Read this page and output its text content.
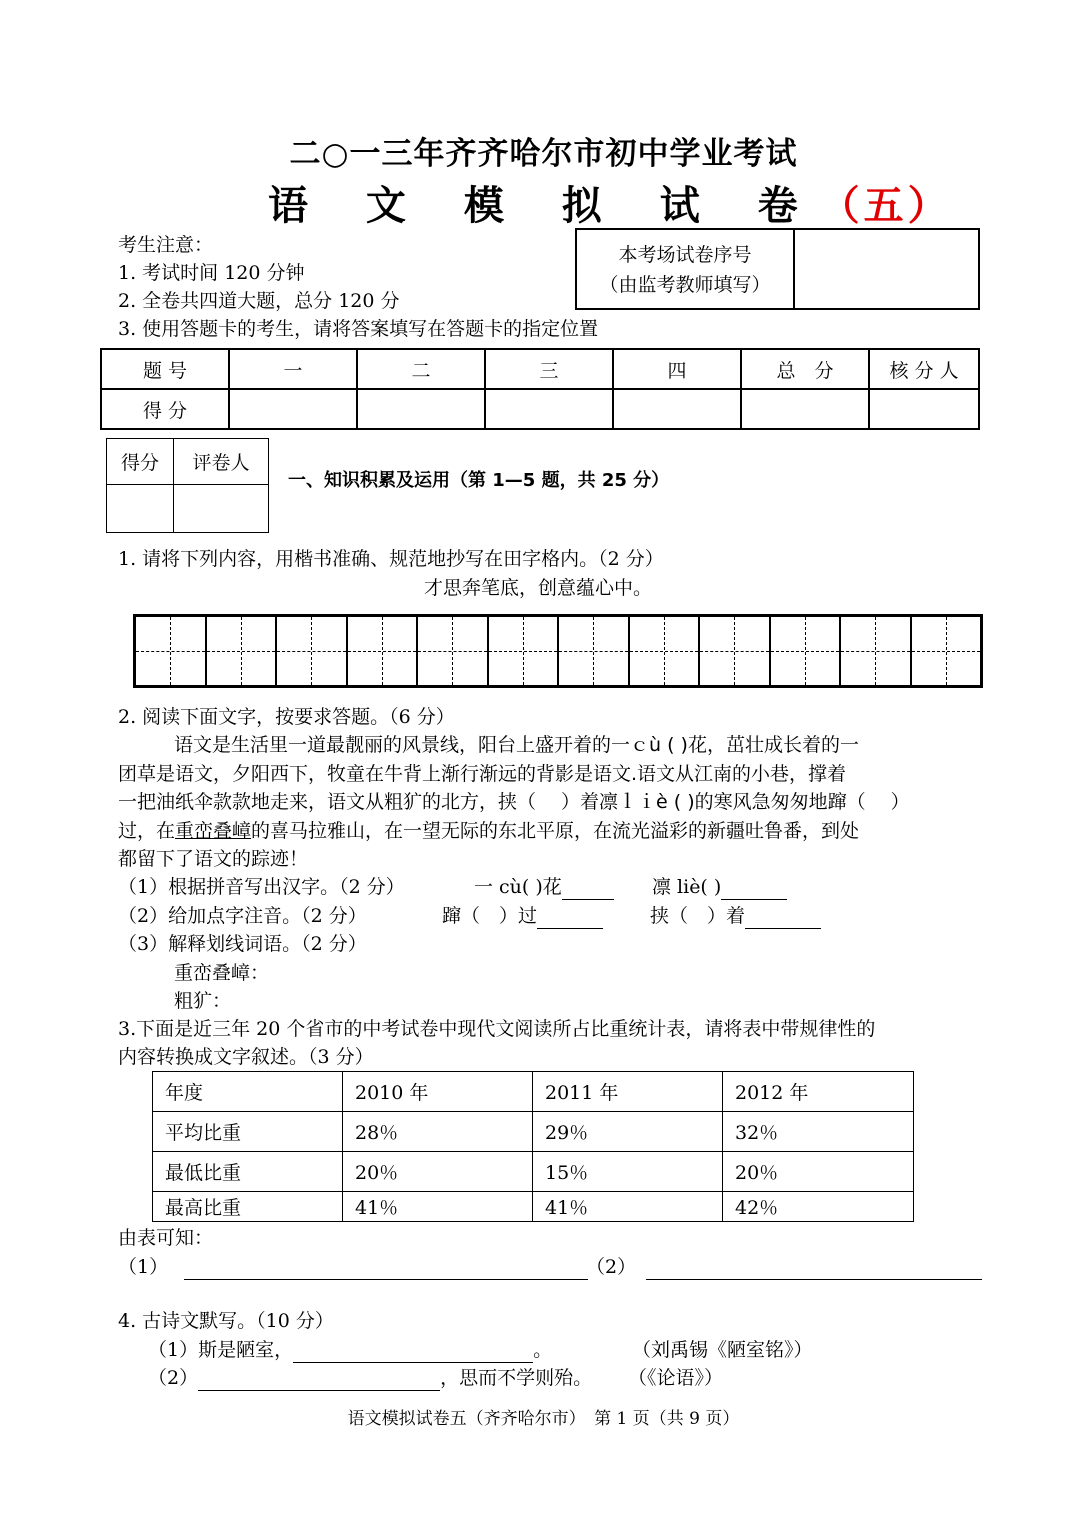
二○一三年齐齐哈尔市初中学业考试
语 文 模 拟 试 卷（五）
考生注意：
1. 考试时间 120 分钟
2. 全卷共四道大题，总分 120 分
3. 使用答题卡的考生，请将答案填写在答题卡的指定位置
本考场试卷序号
（由监考教师填写）
题 号	一	二	三	四	总　分	核 分 人
得 分						
得分	评卷人

一、知识积累及运用（第 1—5 题，共 25 分）
1. 请将下列内容，用楷书准确、规范地抄写在田字格内。（2 分）
才思奔笔底，创意蕴心中。
2. 阅读下面文字，按要求答题。（6 分）
语文是生活里一道最靓丽的风景线，阳台上盛开着的一ｃù ( )花，茁壮成长着的一
团草是语文，夕阳西下，牧童在牛背上渐行渐远的背影是语文.语文从江南的小巷，撑着
一把油纸伞款款地走来，语文从粗犷的北方，挟（　 ）着凛ｌｉè ( )的寒风急匆匆地蹿（　 ）
过，在重峦叠嶂的喜马拉雅山，在一望无际的东北平原，在流光溢彩的新疆吐鲁番，到处
都留下了语文的踪迹！
（1）根据拼音写出汉字。（2 分）	一 cù( )花	凛 liè( )
（2）给加点字注音。（2 分）	蹿（　）过	挟（　）着
（3）解释划线词语。（2 分）
重峦叠嶂：
粗犷：
3.下面是近三年 20 个省市的中考试卷中现代文阅读所占比重统计表，请将表中带规律性的
内容转换成文字叙述。（3 分）
年度	2010 年	2011 年	2012 年
平均比重	28％	29％	32％
最低比重	20％	15％	20％
最高比重	41％	41％	42％
由表可知：
（1）	（2）
4. 古诗文默写。（10 分）
（1）斯是陋室，	。	（刘禹锡《陋室铭》）
（2）	，思而不学则殆。 （《论语》）
语文模拟试卷五（齐齐哈尔市）　第 1 页（共 9 页）
